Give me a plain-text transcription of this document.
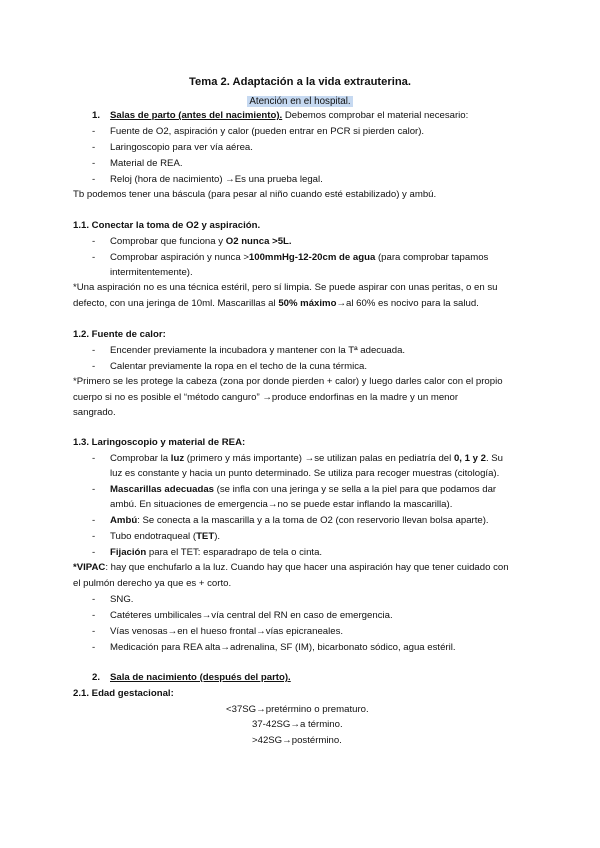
Tema 2. Adaptación a la vida extrauterina.
Atención en el hospital.
1. Salas de parto (antes del nacimiento). Debemos comprobar el material necesario:
- Fuente de O2, aspiración y calor (pueden entrar en PCR si pierden calor).
- Laringoscopio para ver vía aérea.
- Material de REA.
- Reloj (hora de nacimiento) →Es una prueba legal.
Tb podemos tener una báscula (para pesar al niño cuando esté estabilizado) y ambú.
1.1. Conectar la toma de O2 y aspiración.
- Comprobar que funciona y O2 nunca >5L.
- Comprobar aspiración y nunca >100mmHg-12-20cm de agua (para comprobar tapamos
intermitentemente).
*Una aspiración no es una técnica estéril, pero sí limpia. Se puede aspirar con unas peritas, o en su
defecto, con una jeringa de 10ml. Mascarillas al 50% máximo→al 60% es nocivo para la salud.
1.2. Fuente de calor:
- Encender previamente la incubadora y mantener con la Tª adecuada.
- Calentar previamente la ropa en el techo de la cuna térmica.
*Primero se les protege la cabeza (zona por donde pierden + calor) y luego darles calor con el propio
cuerpo si no es posible el “método canguro” →produce endorfinas en la madre y un menor
sangrado.
1.3. Laringoscopio y material de REA:
- Comprobar la luz (primero y más importante) →se utilizan palas en pediatría del 0, 1 y 2. Su
luz es constante y hacia un punto determinado. Se utiliza para recoger muestras (citología).
- Mascarillas adecuadas (se infla con una jeringa y se sella a la piel para que podamos dar
ambú. En situaciones de emergencia→no se puede estar inflando la mascarilla).
- Ambú: Se conecta a la mascarilla y a la toma de O2 (con reservorio llevan bolsa aparte).
- Tubo endotraqueal (TET).
- Fijación para el TET: esparadrapo de tela o cinta.
*VIPAC: hay que enchufarlo a la luz. Cuando hay que hacer una aspiración hay que tener cuidado con
el pulmón derecho ya que es + corto.
- SNG.
- Catéteres umbilicales→vía central del RN en caso de emergencia.
- Vías venosas→en el hueso frontal→vías epicraneales.
- Medicación para REA alta→adrenalina, SF (IM), bicarbonato sódico, agua estéril.
2. Sala de nacimiento (después del parto).
2.1. Edad gestacional:
<37SG→pretérmino o prematuro.
37-42SG→a término.
>42SG→postérmino.
